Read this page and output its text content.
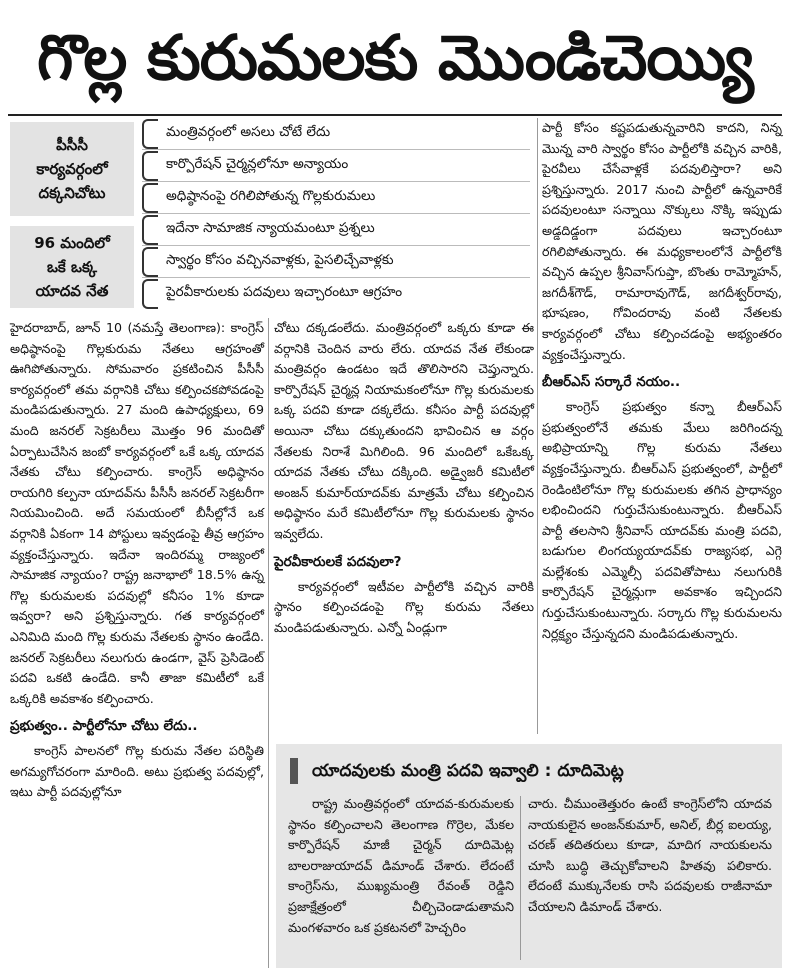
గొల్ల కురుమలకు మొండిచెయ్యి
పీసీసీ
కార్యవర్గంలో
దక్కనిచోటు
96 మందిలో
ఒకే ఒక్క
యాదవ నేత
మంత్రివర్గంలో అసలు చోటే లేదు
కార్పొరేషన్ చైర్మన్లలోనూ అన్యాయం
అధిష్ఠానంపై రగిలిపోతున్న గొల్లకురుమలు
ఇదేనా సామాజిక న్యాయమంటూ ప్రశ్నలు
స్వార్థం కోసం వచ్చినవాళ్లకు, పైసలిచ్చేవాళ్లకు
పైరవీకారులకు పదవులు ఇచ్చారంటూ ఆగ్రహం

హైదరాబాద్, జూన్ 10 (నమస్తే తెలంగాణ): కాంగ్రెస్ అధిష్ఠానంపై గొల్లకురుమ నేతలు ఆగ్రహంతో ఊగిపోతున్నారు. సోమవారం ప్రకటించిన పీసీసీ కార్యవర్గంలో తమ వర్గానికి చోటు కల్పించకపోవడంపై మండిపడుతున్నారు. 27 మంది ఉపాధ్యక్షులు, 69 మంది జనరల్ సెక్రటరీలు మొత్తం 96 మందితో ఏర్పాటుచేసిన జంబో కార్యవర్గంలో ఒకే ఒక్క యాదవ నేతకు చోటు కల్పించారు. కాంగ్రెస్ అధిష్ఠానం రాయగిరి కల్పనా యాదవ్‌ను పీసీసీ జనరల్ సెక్రటరీగా నియమించింది. అదే సమయంలో బీసీల్లోనే ఒక వర్గానికి ఏకంగా 14 పోస్టులు ఇవ్వడంపై తీవ్ర ఆగ్రహం వ్యక్తంచేస్తున్నారు. ఇదేనా ఇందిరమ్మ రాజ్యంలో సామాజిక న్యాయం? రాష్ట్ర జనాభాలో 18.5% ఉన్న గొల్ల కురుమలకు పదవుల్లో కనీసం 1% కూడా ఇవ్వరా? అని ప్రశ్నిస్తున్నారు. గత కార్యవర్గంలో ఎనిమిది మంది గొల్ల కురుమ నేతలకు స్థానం ఉండేది. జనరల్ సెక్రటరీలు నలుగురు ఉండగా, వైస్ ప్రెసిడెంట్ పదవి ఒకటి ఉండేది. కానీ తాజా కమిటీలో ఒకే ఒక్కరికి అవకాశం కల్పించారు.

ప్రభుత్వం.. పార్టీలోనూ చోటు లేదు..

కాంగ్రెస్ పాలనలో గొల్ల కురుమ నేతల పరిస్థితి అగమ్యగోచరంగా మారింది. అటు ప్రభుత్వ పదవుల్లో, ఇటు పార్టీ పదవుల్లోనూ

చోటు దక్కడంలేదు. మంత్రివర్గంలో ఒక్కరు కూడా ఈ వర్గానికి చెందిన వారు లేరు. యాదవ నేత లేకుండా మంత్రివర్గం ఉండటం ఇదే తొలిసారని చెప్తున్నారు. కార్పొరేషన్ చైర్మన్ల నియామకంలోనూ గొల్ల కురుమలకు ఒక్క పదవి కూడా దక్కలేదు. కనీసం పార్టీ పదవుల్లో అయినా చోటు దక్కుతుందని భావించిన ఆ వర్గం నేతలకు నిరాశే మిగిలింది. 96 మందిలో ఒకేఒక్క యాదవ నేతకు చోటు దక్కింది. అడ్వైజరీ కమిటీలో అంజన్ కుమార్‌యాదవ్‌కు మాత్రమే చోటు కల్పించిన అధిష్ఠానం మరే కమిటీలోనూ గొల్ల కురుమలకు స్థానం ఇవ్వలేదు.

పైరవీకారులకే పదవులా?

కార్యవర్గంలో ఇటీవల పార్టీలోకి వచ్చిన వారికి స్థానం కల్పించడంపై గొల్ల కురుమ నేతలు మండిపడుతున్నారు. ఎన్నో ఏండ్లుగా

పార్టీ కోసం కష్టపడుతున్నవారిని కాదని, నిన్న మొన్న వారి స్వార్థం కోసం పార్టీలోకి వచ్చిన వారికి, పైరవీలు చేసేవాళ్లకే పదవులిస్తారా? అని ప్రశ్నిస్తున్నారు. 2017 నుంచి పార్టీలో ఉన్నవారికే పదవులంటూ సన్నాయి నొక్కులు నొక్కి ఇప్పుడు అడ్డదిడ్డంగా పదవులు ఇచ్చారంటూ రగిలిపోతున్నారు. ఈ మధ్యకాలంలోనే పార్టీలోకి వచ్చిన ఉప్పల శ్రీనివాస్‌గుప్తా, బొంతు రామ్మోహన్, జగదీశ్‌గౌడ్, రామారావుగౌడ్, జగదీశ్వర్‌రావు, భూషణం, గోవిందరావు వంటి నేతలకు కార్యవర్గంలో చోటు కల్పించడంపై అభ్యంతరం వ్యక్తంచేస్తున్నారు.

బీఆర్‌ఎస్ సర్కారే నయం..

కాంగ్రెస్ ప్రభుత్వం కన్నా బీఆర్‌ఎస్ ప్రభుత్వంలోనే తమకు మేలు జరిగిందన్న అభిప్రాయాన్ని గొల్ల కురుమ నేతలు వ్యక్తంచేస్తున్నారు. బీఆర్‌ఎస్ ప్రభుత్వంలో, పార్టీలో రెండింటిలోనూ గొల్ల కురుమలకు తగిన ప్రాధాన్యం లభించిందని గుర్తుచేసుకుంటున్నారు. బీఆర్‌ఎస్ పార్టీ తలసాని శ్రీనివాస్ యాదవ్‌కు మంత్రి పదవి, బడుగుల లింగయ్యయాదవ్‌కు రాజ్యసభ, ఎగ్గె మల్లేశంకు ఎమ్మెల్సీ పదవితోపాటు నలుగురికి కార్పొరేషన్ చైర్మన్లుగా అవకాశం ఇచ్చిందని గుర్తుచేసుకుంటున్నారు. సర్కారు గొల్ల కురుమలను నిర్లక్ష్యం చేస్తున్నదని మండిపడుతున్నారు.

యాదవులకు మంత్రి పదవి ఇవ్వాలి : దూదిమెట్ల

రాష్ట్ర మంత్రివర్గంలో యాదవ-కురుమలకు స్థానం కల్పించాలని తెలంగాణ గొర్రెల, మేకల కార్పొరేషన్ మాజీ చైర్మన్ దూదిమెట్ల బాలరాజుయాదవ్ డిమాండ్ చేశారు. లేదంటే కాంగ్రెస్‌ను, ముఖ్యమంత్రి రేవంత్ రెడ్డిని ప్రజాక్షేత్రంలో చీల్చిచెండాడుతామని మంగళవారం ఒక ప్రకటనలో హెచ్చరిం

చారు. చీముంతెత్తురం ఉంటే కాంగ్రెస్‌లోని యాదవ నాయకులైన అంజన్‌కుమార్, అనిల్, బీర్ల ఐలయ్య, చరణ్ తదితరులు కూడా, మాదిగ నాయకులను చూసి బుద్ధి తెచ్చుకోవాలని హితవు పలికారు. లేదంటే ముక్కునేలకు రాసి పదవులకు రాజీనామా చేయాలని డిమాండ్ చేశారు.
